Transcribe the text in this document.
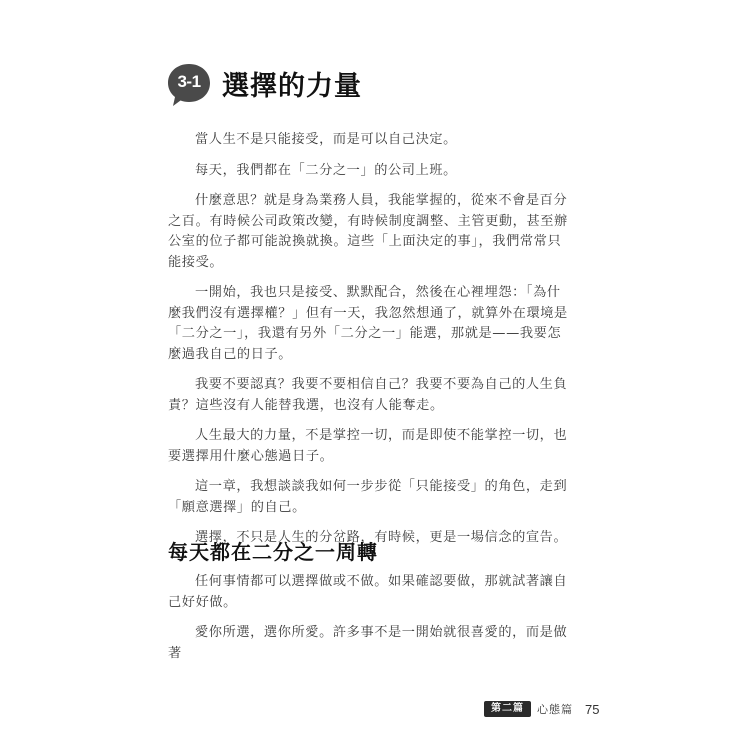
3-1 選擇的力量

當人生不是只能接受，而是可以自己決定。

每天，我們都在「二分之一」的公司上班。

什麼意思？就是身為業務人員，我能掌握的，從來不會是百分之百。有時候公司政策改變，有時候制度調整、主管更動，甚至辦公室的位子都可能說換就換。這些「上面決定的事」，我們常常只能接受。

一開始，我也只是接受、默默配合，然後在心裡埋怨：「為什麼我們沒有選擇權？」但有一天，我忽然想通了，就算外在環境是「二分之一」，我還有另外「二分之一」能選，那就是——我要怎麼過我自己的日子。

我要不要認真？我要不要相信自己？我要不要為自己的人生負責？這些沒有人能替我選，也沒有人能奪走。

人生最大的力量，不是掌控一切，而是即使不能掌控一切，也要選擇用什麼心態過日子。

這一章，我想談談我如何一步步從「只能接受」的角色，走到「願意選擇」的自己。

選擇，不只是人生的分岔路，有時候，更是一場信念的宣告。

每天都在二分之一周轉

任何事情都可以選擇做或不做。如果確認要做，那就試著讓自己好好做。

愛你所選，選你所愛。許多事不是一開始就很喜愛的，而是做著

第二篇	心態篇 75
